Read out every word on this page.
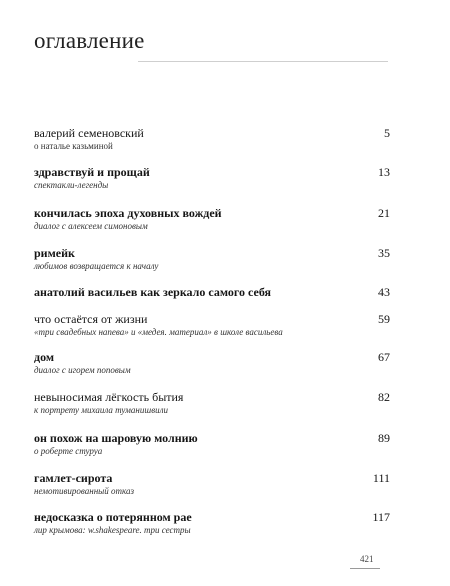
оглавление
валерий семеновский
о наталье казьминой
5
здравствуй и прощай
спектакли-легенды
13
кончилась эпоха духовных вождей
диалог с алексеем симоновым
21
римейк
любимов возвращается к началу
35
анатолий васильев как зеркало самого себя	43
что остаётся от жизни
«три свадебных напева» и «медея. материал» в школе васильева
59
дом
диалог с игорем поповым
67
невыносимая лёгкость бытия
к портрету михаила туманишвили
82
он похож на шаровую молнию
о роберте стуруа
89
гамлет-сирота
немотивированный отказ
111
недосказка о потерянном рае
лир крымова: w.shakespeare. три сестры
117
421
